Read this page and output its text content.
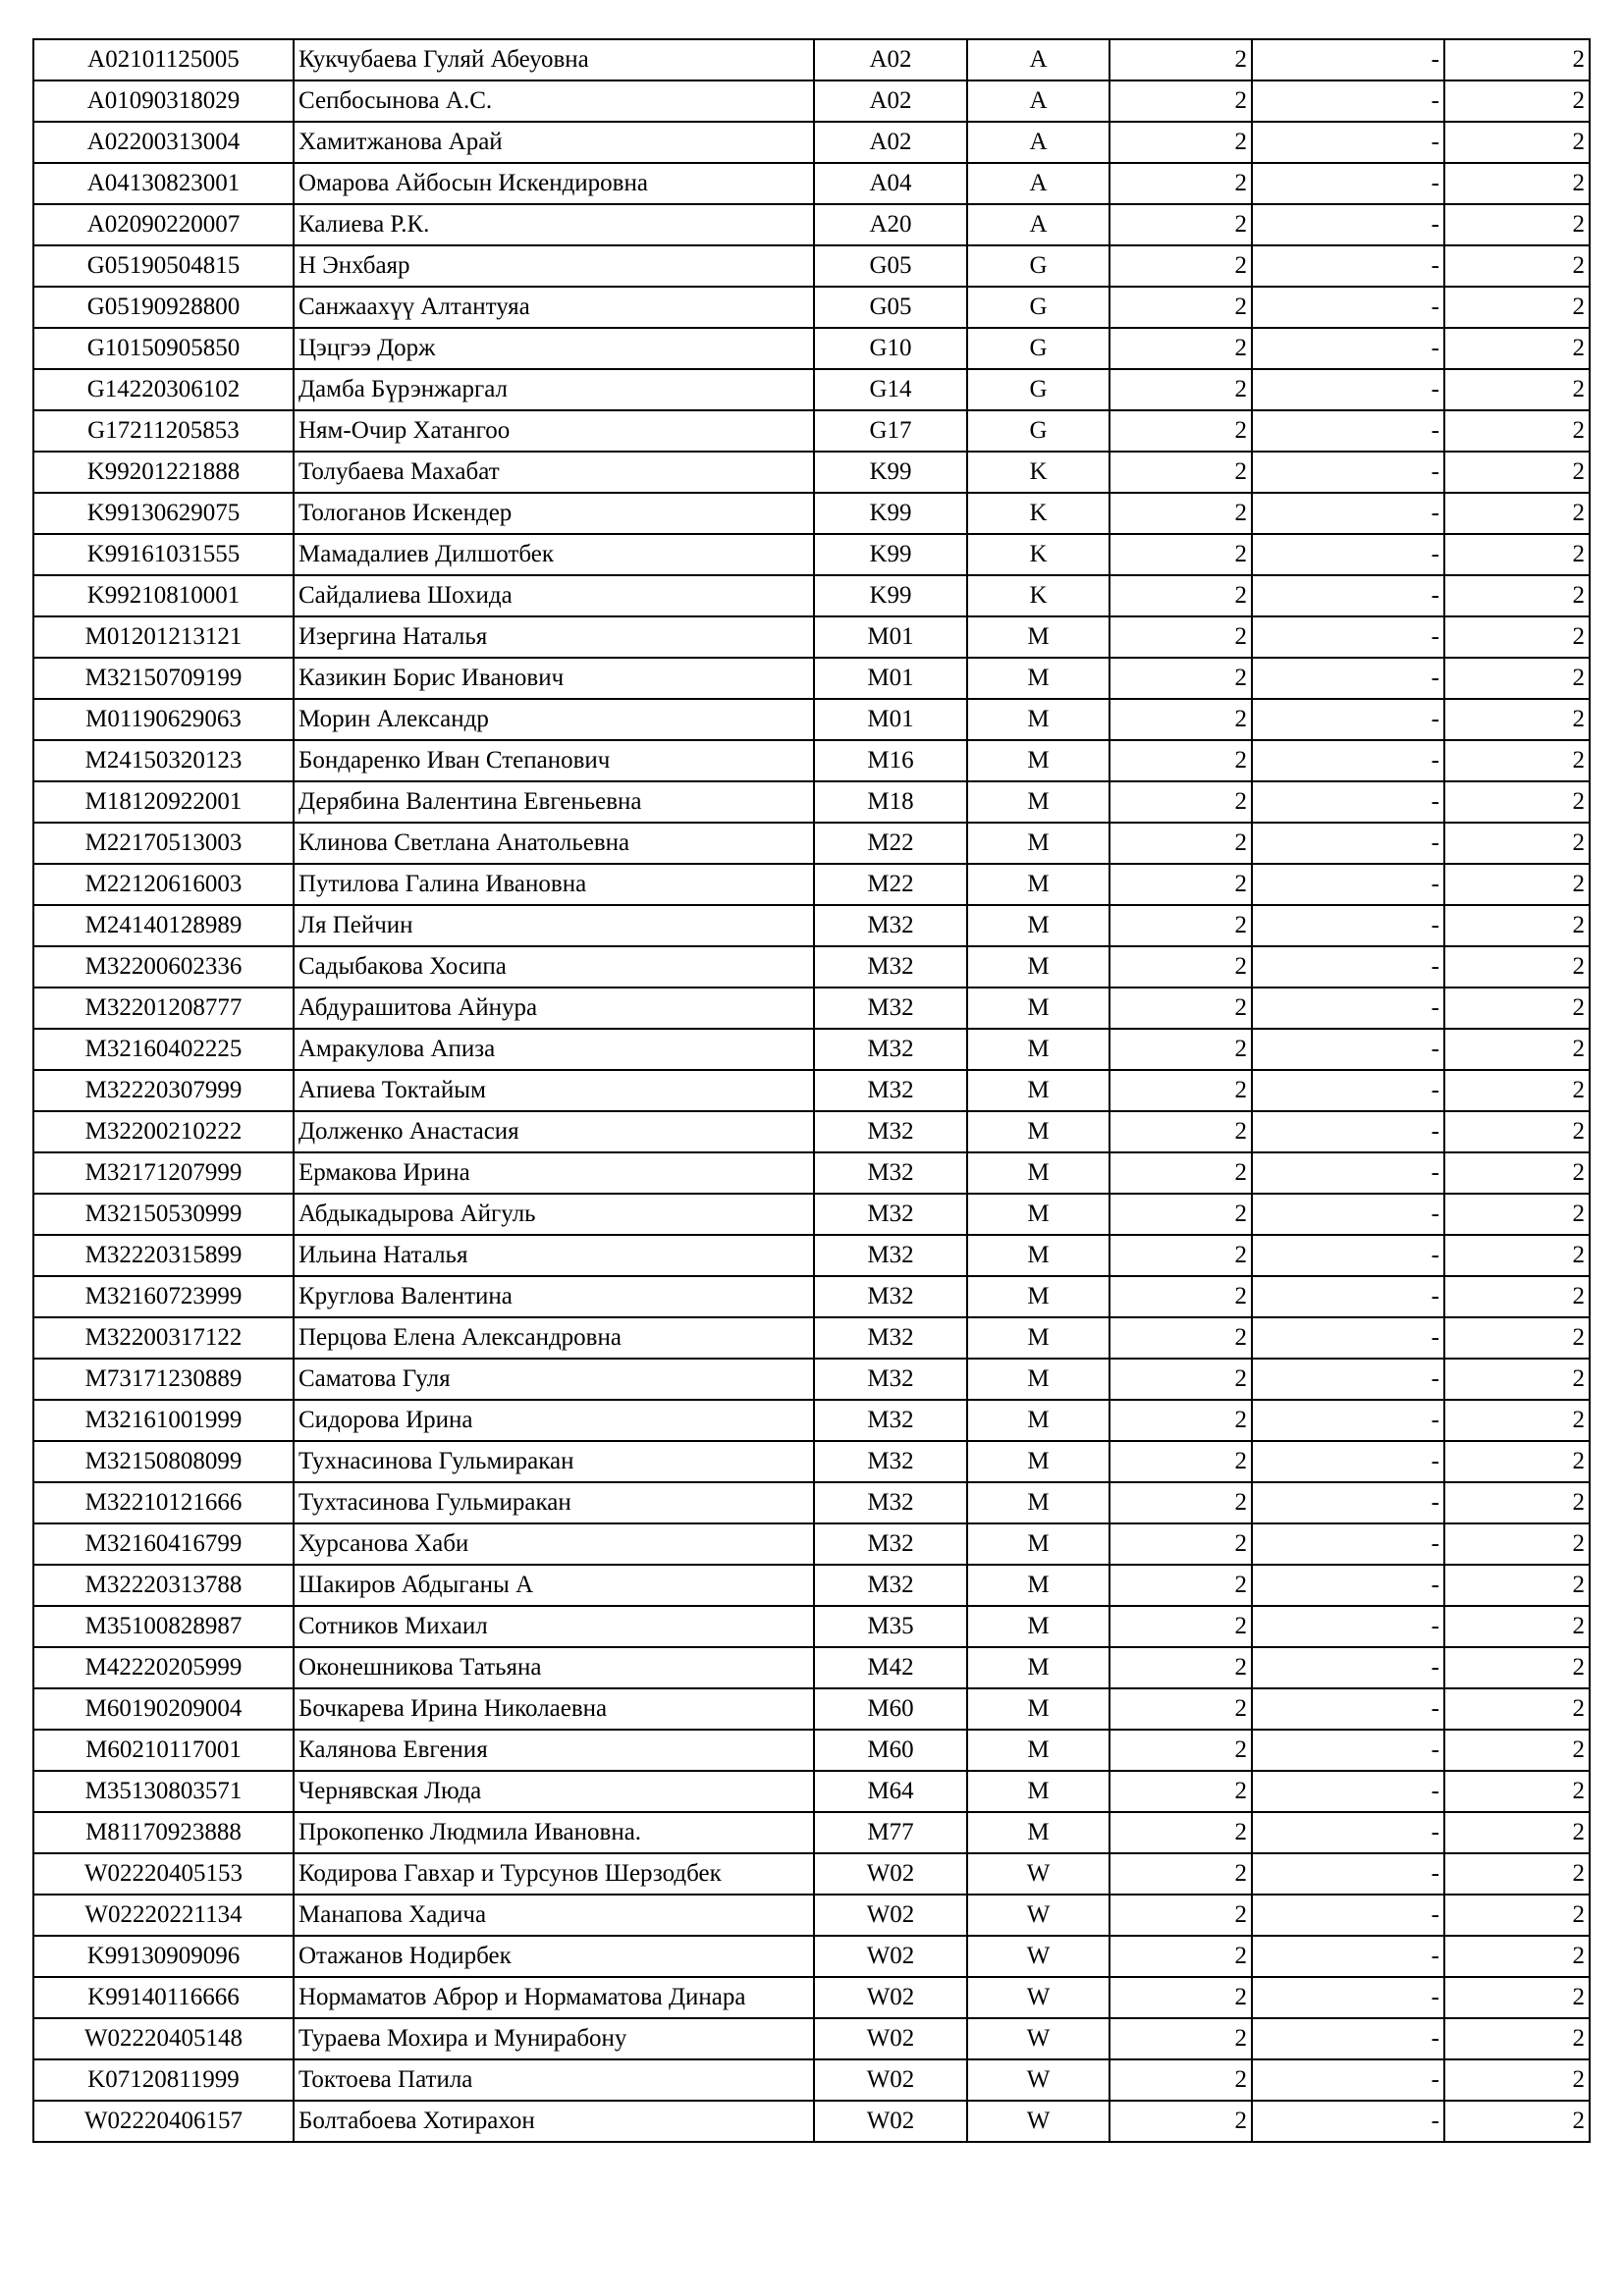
A02101125005	Кукчубаева Гуляй Абеуовна	A02	A	2	-	2
A01090318029	Сепбосынова А.С.	A02	A	2	-	2
A02200313004	Хамитжанова Арай	A02	A	2	-	2
A04130823001	Омарова Айбосын Искендировна	A04	A	2	-	2
A02090220007	Калиева Р.К.	A20	A	2	-	2
G05190504815	Н Энхбаяр	G05	G	2	-	2
G05190928800	Санжаахүү Алтантуяа	G05	G	2	-	2
G10150905850	Цэцгээ Дорж	G10	G	2	-	2
G14220306102	Дамба Бүрэнжаргал	G14	G	2	-	2
G17211205853	Ням-Очир Хатангоо	G17	G	2	-	2
K99201221888	Толубаева Махабат	K99	K	2	-	2
K99130629075	Тологанов Искендер	K99	K	2	-	2
K99161031555	Мамадалиев Дилшотбек	K99	K	2	-	2
K99210810001	Сайдалиева Шохида	K99	K	2	-	2
M01201213121	Изергина Наталья	M01	M	2	-	2
M32150709199	Казикин Борис Иванович	M01	M	2	-	2
M01190629063	Морин Александр	M01	M	2	-	2
M24150320123	Бондаренко Иван Степанович	M16	M	2	-	2
M18120922001	Дерябина Валентина Евгеньевна	M18	M	2	-	2
M22170513003	Клинова Светлана Анатольевна	M22	M	2	-	2
M22120616003	Путилова Галина Ивановна	M22	M	2	-	2
M24140128989	Ля Пейчин	M32	M	2	-	2
M32200602336	Садыбакова Хосипа	M32	M	2	-	2
M32201208777	Абдурашитова Айнура	M32	M	2	-	2
M32160402225	Амракулова Апиза	M32	M	2	-	2
M32220307999	Апиева Toктайым	M32	M	2	-	2
M32200210222	Долженко Анастасия	M32	M	2	-	2
M32171207999	Ермакова Ирина	M32	M	2	-	2
M32150530999	Абдыкадырова Айгуль	M32	M	2	-	2
M32220315899	Ильина Наталья	M32	M	2	-	2
M32160723999	Круглова Валентина	M32	M	2	-	2
M32200317122	Перцова Елена Александровна	M32	M	2	-	2
M73171230889	Саматова Гуля	M32	M	2	-	2
M32161001999	Сидорова Ирина	M32	M	2	-	2
M32150808099	Тухнасинова Гульмиракан	M32	M	2	-	2
M32210121666	Тухтасинова Гульмиракан	M32	M	2	-	2
M32160416799	Хурсанова Хаби	M32	M	2	-	2
M32220313788	Шакиров Абдыганы А	M32	M	2	-	2
M35100828987	Сотников Михаил	M35	M	2	-	2
M42220205999	Оконешникова Татьяна	M42	M	2	-	2
M60190209004	Бочкарева Ирина Николаевна	M60	M	2	-	2
M60210117001	Калянова Евгения	M60	M	2	-	2
M35130803571	Чернявская Люда	M64	M	2	-	2
M81170923888	Прокопенко Людмила Ивановна.	M77	M	2	-	2
W02220405153	Кодирова Гавхар и Турсунов Шерзодбек	W02	W	2	-	2
W02220221134	Манапова Хадича	W02	W	2	-	2
K99130909096	Отажанов Нодирбек	W02	W	2	-	2
K99140116666	Нормаматов Аброр и Нормаматова Динара	W02	W	2	-	2
W02220405148	Тураева Мохира и Мунирабону	W02	W	2	-	2
K07120811999	Токтоева Патила	W02	W	2	-	2
W02220406157	Болтабоева Хотирахон	W02	W	2	-	2
